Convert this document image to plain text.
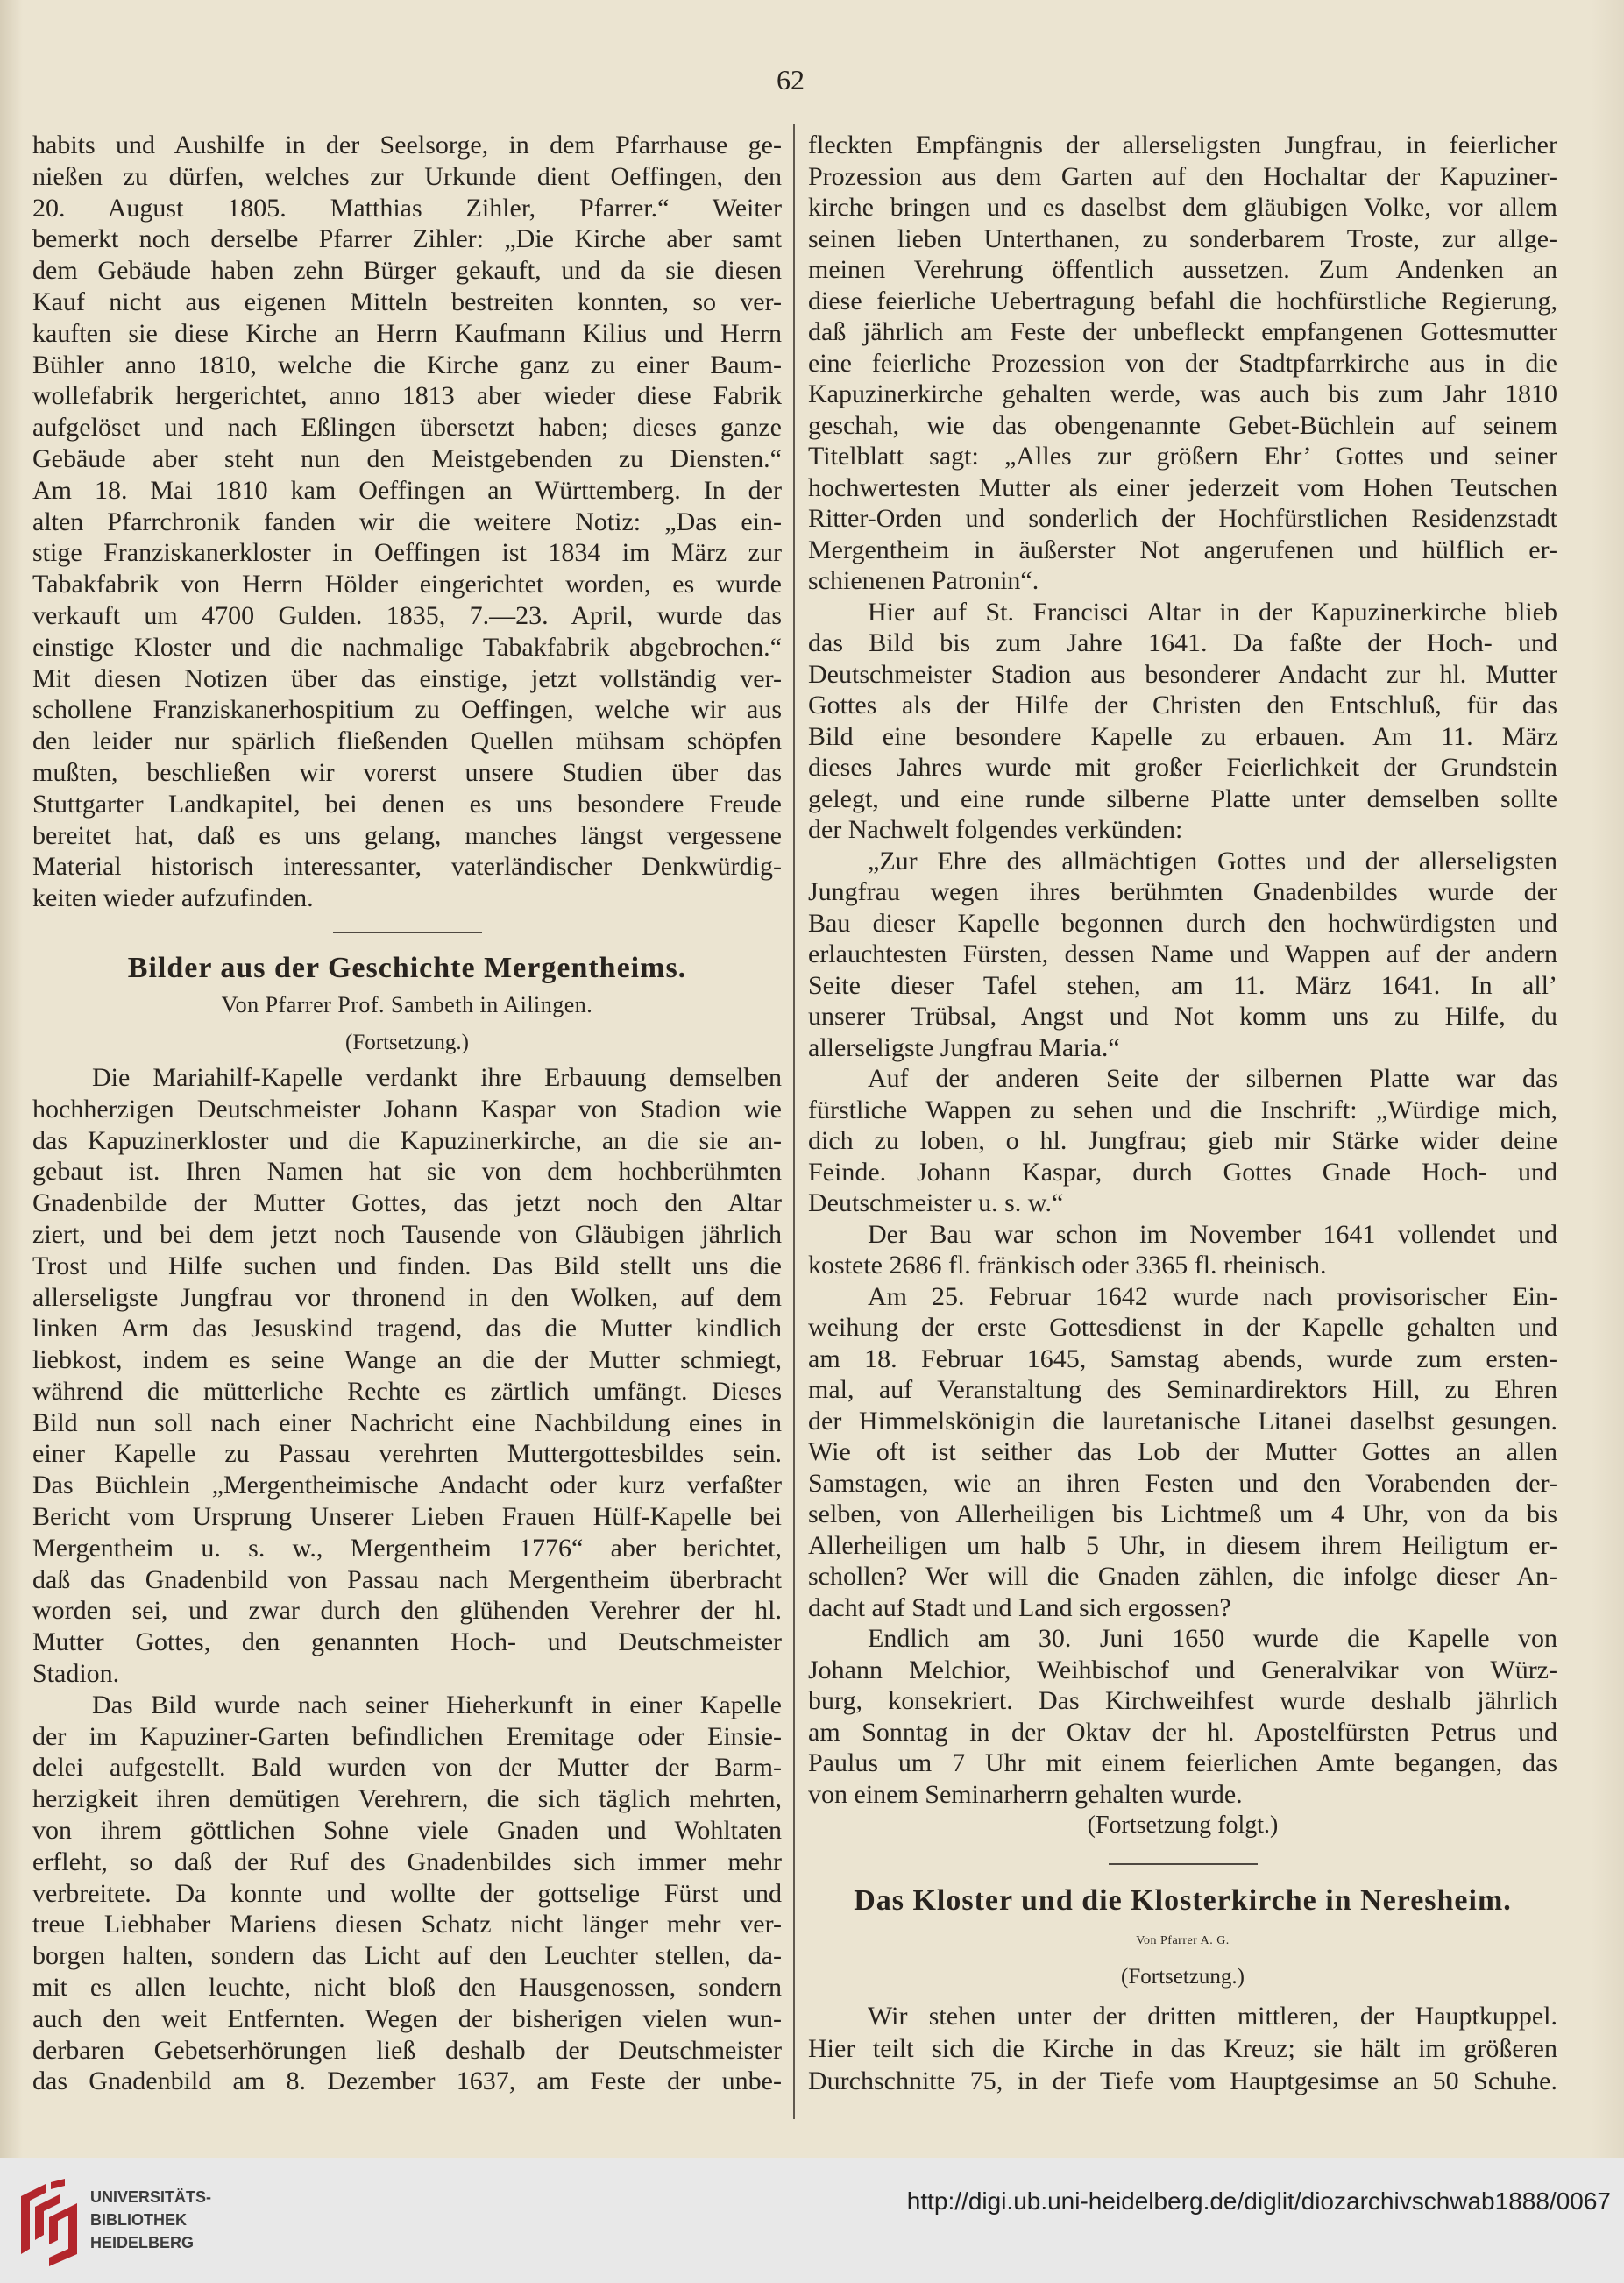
62
habits und Aushilfe in der Seelsorge, in dem Pfarrhause ge-
nießen zu dürfen, welches zur Urkunde dient Oeffingen, den
20. August 1805. Matthias Zihler, Pfarrer.“ Weiter
bemerkt noch derselbe Pfarrer Zihler: „Die Kirche aber samt
dem Gebäude haben zehn Bürger gekauft, und da sie diesen
Kauf nicht aus eigenen Mitteln bestreiten konnten, so ver-
kauften sie diese Kirche an Herrn Kaufmann Kilius und Herrn
Bühler anno 1810, welche die Kirche ganz zu einer Baum-
wollefabrik hergerichtet, anno 1813 aber wieder diese Fabrik
aufgelöset und nach Eßlingen übersetzt haben; dieses ganze
Gebäude aber steht nun den Meistgebenden zu Diensten.“
Am 18. Mai 1810 kam Oeffingen an Württemberg. In der
alten Pfarrchronik fanden wir die weitere Notiz: „Das ein-
stige Franziskanerkloster in Oeffingen ist 1834 im März zur
Tabakfabrik von Herrn Hölder eingerichtet worden, es wurde
verkauft um 4700 Gulden. 1835, 7.—23. April, wurde das
einstige Kloster und die nachmalige Tabakfabrik abgebrochen.“
Mit diesen Notizen über das einstige, jetzt vollständig ver-
schollene Franziskanerhospitium zu Oeffingen, welche wir aus
den leider nur spärlich fließenden Quellen mühsam schöpfen
mußten, beschließen wir vorerst unsere Studien über das
Stuttgarter Landkapitel, bei denen es uns besondere Freude
bereitet hat, daß es uns gelang, manches längst vergessene
Material historisch interessanter, vaterländischer Denkwürdig-
keiten wieder aufzufinden.
Bilder aus der Geschichte Mergentheims.
Von Pfarrer Prof. Sambeth in Ailingen.
(Fortsetzung.)
Die Mariahilf-Kapelle verdankt ihre Erbauung demselben
hochherzigen Deutschmeister Johann Kaspar von Stadion wie
das Kapuzinerkloster und die Kapuzinerkirche, an die sie an-
gebaut ist. Ihren Namen hat sie von dem hochberühmten
Gnadenbilde der Mutter Gottes, das jetzt noch den Altar
ziert, und bei dem jetzt noch Tausende von Gläubigen jährlich
Trost und Hilfe suchen und finden. Das Bild stellt uns die
allerseligste Jungfrau vor thronend in den Wolken, auf dem
linken Arm das Jesuskind tragend, das die Mutter kindlich
liebkost, indem es seine Wange an die der Mutter schmiegt,
während die mütterliche Rechte es zärtlich umfängt. Dieses
Bild nun soll nach einer Nachricht eine Nachbildung eines in
einer Kapelle zu Passau verehrten Muttergottesbildes sein.
Das Büchlein „Mergentheimische Andacht oder kurz verfaßter
Bericht vom Ursprung Unserer Lieben Frauen Hülf-Kapelle bei
Mergentheim u. s. w., Mergentheim 1776“ aber berichtet,
daß das Gnadenbild von Passau nach Mergentheim überbracht
worden sei, und zwar durch den glühenden Verehrer der hl.
Mutter Gottes, den genannten Hoch- und Deutschmeister
Stadion.
Das Bild wurde nach seiner Hieherkunft in einer Kapelle
der im Kapuziner-Garten befindlichen Eremitage oder Einsie-
delei aufgestellt. Bald wurden von der Mutter der Barm-
herzigkeit ihren demütigen Verehrern, die sich täglich mehrten,
von ihrem göttlichen Sohne viele Gnaden und Wohltaten
erfleht, so daß der Ruf des Gnadenbildes sich immer mehr
verbreitete. Da konnte und wollte der gottselige Fürst und
treue Liebhaber Mariens diesen Schatz nicht länger mehr ver-
borgen halten, sondern das Licht auf den Leuchter stellen, da-
mit es allen leuchte, nicht bloß den Hausgenossen, sondern
auch den weit Entfernten. Wegen der bisherigen vielen wun-
derbaren Gebetserhörungen ließ deshalb der Deutschmeister
das Gnadenbild am 8. Dezember 1637, am Feste der unbe-
fleckten Empfängnis der allerseligsten Jungfrau, in feierlicher
Prozession aus dem Garten auf den Hochaltar der Kapuziner-
kirche bringen und es daselbst dem gläubigen Volke, vor allem
seinen lieben Unterthanen, zu sonderbarem Troste, zur allge-
meinen Verehrung öffentlich aussetzen. Zum Andenken an
diese feierliche Uebertragung befahl die hochfürstliche Regierung,
daß jährlich am Feste der unbefleckt empfangenen Gottesmutter
eine feierliche Prozession von der Stadtpfarrkirche aus in die
Kapuzinerkirche gehalten werde, was auch bis zum Jahr 1810
geschah, wie das obengenannte Gebet-Büchlein auf seinem
Titelblatt sagt: „Alles zur größern Ehr’ Gottes und seiner
hochwertesten Mutter als einer jederzeit vom Hohen Teutschen
Ritter-Orden und sonderlich der Hochfürstlichen Residenzstadt
Mergentheim in äußerster Not angerufenen und hülflich er-
schienenen Patronin“.
Hier auf St. Francisci Altar in der Kapuzinerkirche blieb
das Bild bis zum Jahre 1641. Da faßte der Hoch- und
Deutschmeister Stadion aus besonderer Andacht zur hl. Mutter
Gottes als der Hilfe der Christen den Entschluß, für das
Bild eine besondere Kapelle zu erbauen. Am 11. März
dieses Jahres wurde mit großer Feierlichkeit der Grundstein
gelegt, und eine runde silberne Platte unter demselben sollte
der Nachwelt folgendes verkünden:
„Zur Ehre des allmächtigen Gottes und der allerseligsten
Jungfrau wegen ihres berühmten Gnadenbildes wurde der
Bau dieser Kapelle begonnen durch den hochwürdigsten und
erlauchtesten Fürsten, dessen Name und Wappen auf der andern
Seite dieser Tafel stehen, am 11. März 1641. In all’
unserer Trübsal, Angst und Not komm uns zu Hilfe, du
allerseligste Jungfrau Maria.“
Auf der anderen Seite der silbernen Platte war das
fürstliche Wappen zu sehen und die Inschrift: „Würdige mich,
dich zu loben, o hl. Jungfrau; gieb mir Stärke wider deine
Feinde. Johann Kaspar, durch Gottes Gnade Hoch- und
Deutschmeister u. s. w.“
Der Bau war schon im November 1641 vollendet und
kostete 2686 fl. fränkisch oder 3365 fl. rheinisch.
Am 25. Februar 1642 wurde nach provisorischer Ein-
weihung der erste Gottesdienst in der Kapelle gehalten und
am 18. Februar 1645, Samstag abends, wurde zum ersten-
mal, auf Veranstaltung des Seminardirektors Hill, zu Ehren
der Himmelskönigin die lauretanische Litanei daselbst gesungen.
Wie oft ist seither das Lob der Mutter Gottes an allen
Samstagen, wie an ihren Festen und den Vorabenden der-
selben, von Allerheiligen bis Lichtmeß um 4 Uhr, von da bis
Allerheiligen um halb 5 Uhr, in diesem ihrem Heiligtum er-
schollen? Wer will die Gnaden zählen, die infolge dieser An-
dacht auf Stadt und Land sich ergossen?
Endlich am 30. Juni 1650 wurde die Kapelle von
Johann Melchior, Weihbischof und Generalvikar von Würz-
burg, konsekriert. Das Kirchweihfest wurde deshalb jährlich
am Sonntag in der Oktav der hl. Apostelfürsten Petrus und
Paulus um 7 Uhr mit einem feierlichen Amte begangen, das
von einem Seminarherrn gehalten wurde.
(Fortsetzung folgt.)
Das Kloster und die Klosterkirche in Neresheim.
Von Pfarrer A. G.
(Fortsetzung.)
Wir stehen unter der dritten mittleren, der Hauptkuppel.
Hier teilt sich die Kirche in das Kreuz; sie hält im größeren
Durchschnitte 75, in der Tiefe vom Hauptgesimse an 50 Schuhe.
UNIVERSITÄTS-
BIBLIOTHEK
HEIDELBERG
http://digi.ub.uni-heidelberg.de/diglit/diozarchivschwab1888/0067
